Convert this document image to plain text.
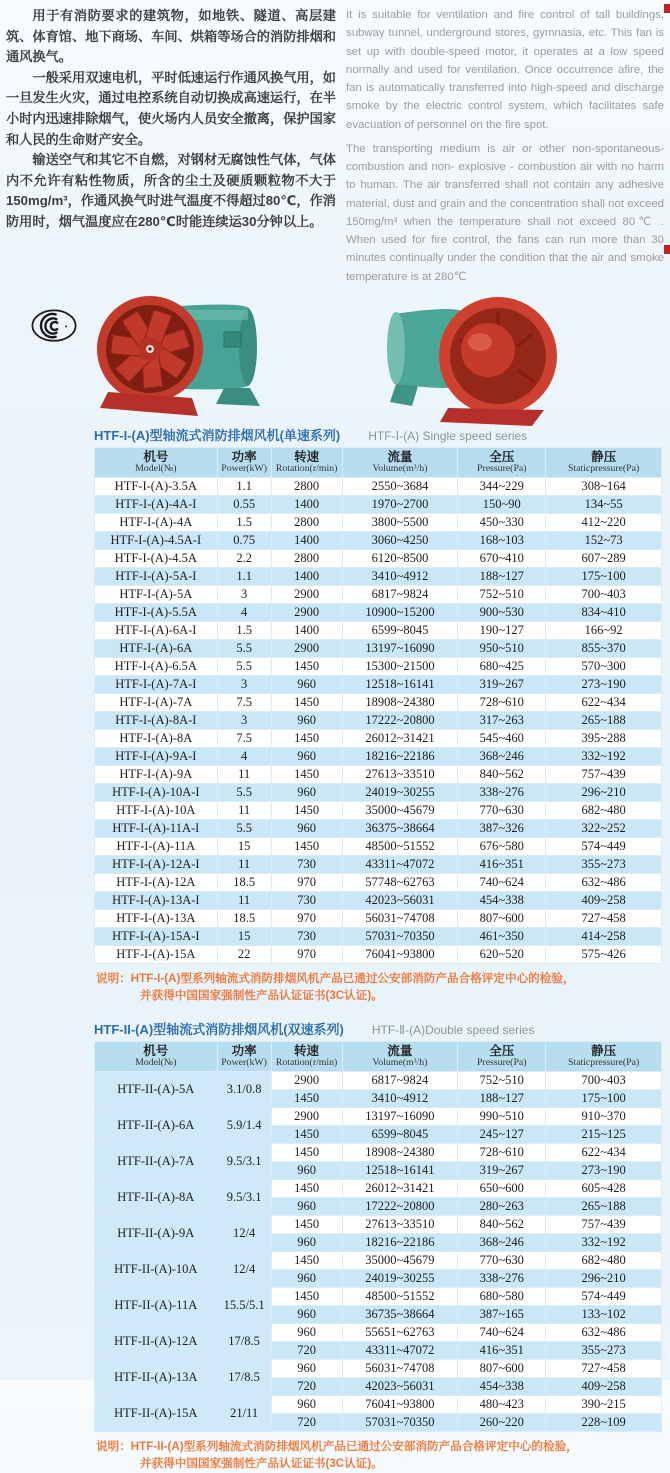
用于有消防要求的建筑物，如地铁、隧道、高层建筑、体育馆、地下商场、车间、烘箱等场合的消防排烟和通风换气。

一般采用双速电机，平时低速运行作通风换气用，如一旦发生火灾，通过电控系统自动切换成高速运行，在半小时内迅速排除烟气，使火场内人员安全撤离，保护国家和人民的生命财产安全。

输送空气和其它不自燃，对钢材无腐蚀性气体，气体内不允许有粘性物质，所含的尘土及硬质颗粒物不大于150mg/m³，作通风换气时进气温度不得超过80℃，作消防用时，烟气温度应在280℃时能连续运30分钟以上。

It is suitable for ventilation and fire control of tall buildings, subway tunnel, underground stores, gymnasia, etc. This fan is set up with double-speed motor, it operates at a low speed normally and used for ventilation. Once occurrence afire, the fan is automatically transferred into high-speed and discharge smoke by the electric control system, which facilitates safe evacuation of personnel on the fire spot.

The transporting medium is air or other non-spontaneous-combustion and non- explosive - combustion air with no harm to human. The air transferred shall not contain any adhesive material, dust and grain and the concentration shall not exceed 150mg/m³ when the temperature shall not exceed 80℃ . When used for fire control, the fans can run more than 30 minutes continually under the condition that the air and smoke temperature is at 280℃

HTF-I-(A)型轴流式消防排烟风机(单速系列) HTF-Ⅰ-(A) Single speed series
机号
Model(№)

功率
Power(kW)

转速
Rotation(r/min)

流量
Volume(m³/h)

全压
Pressure(Pa)

静压
Staticpressure(Pa)

HTF-I-(A)-3.5A	1.1	2800	2550~3684	344~229	308~164
HTF-I-(A)-4A-I	0.55	1400	1970~2700	150~90	134~55
HTF-I-(A)-4A	1.5	2800	3800~5500	450~330	412~220
HTF-I-(A)-4.5A-I	0.75	1400	3060~4250	168~103	152~73
HTF-I-(A)-4.5A	2.2	2800	6120~8500	670~410	607~289
HTF-I-(A)-5A-I	1.1	1400	3410~4912	188~127	175~100
HTF-I-(A)-5A	3	2900	6817~9824	752~510	700~403
HTF-I-(A)-5.5A	4	2900	10900~15200	900~530	834~410
HTF-I-(A)-6A-I	1.5	1400	6599~8045	190~127	166~92
HTF-I-(A)-6A	5.5	2900	13197~16090	950~510	855~370
HTF-I-(A)-6.5A	5.5	1450	15300~21500	680~425	570~300
HTF-I-(A)-7A-I	3	960	12518~16141	319~267	273~190
HTF-I-(A)-7A	7.5	1450	18908~24380	728~610	622~434
HTF-I-(A)-8A-I	3	960	17222~20800	317~263	265~188
HTF-I-(A)-8A	7.5	1450	26012~31421	545~460	395~288
HTF-I-(A)-9A-I	4	960	18216~22186	368~246	332~192
HTF-I-(A)-9A	11	1450	27613~33510	840~562	757~439
HTF-I-(A)-10A-I	5.5	960	24019~30255	338~276	296~210
HTF-I-(A)-10A	11	1450	35000~45679	770~630	682~480
HTF-I-(A)-11A-I	5.5	960	36375~38664	387~326	322~252
HTF-I-(A)-11A	15	1450	48500~51552	676~580	574~449
HTF-I-(A)-12A-I	11	730	43311~47072	416~351	355~273
HTF-I-(A)-12A	18.5	970	57748~62763	740~624	632~486
HTF-I-(A)-13A-I	11	730	42023~56031	454~338	409~258
HTF-I-(A)-13A	18.5	970	56031~74708	807~600	727~458
HTF-I-(A)-15A-I	15	730	57031~70350	461~350	414~258
HTF-I-(A)-15A	22	970	76041~93800	620~520	575~426
说明：HTF-I-(A)型系列轴流式消防排烟风机产品已通过公安部消防产品合格评定中心的检验，
并获得中国国家强制性产品认证证书(3C认证)。
HTF-II-(A)型轴流式消防排烟风机(双速系列) HTF-Ⅱ-(A)Double speed series
机号
Model(№)

功率
Power(kW)

转速
Rotation(r/min)

流量
Volume(m³/h)

全压
Pressure(Pa)

静压
Staticpressure(Pa)

HTF-II-(A)-5A	3.1/0.8	2900	6817~9824	752~510	700~403
		1450	3410~4912	188~127	175~100
HTF-II-(A)-6A	5.9/1.4	2900	13197~16090	990~510	910~370
		1450	6599~8045	245~127	215~125
HTF-II-(A)-7A	9.5/3.1	1450	18908~24380	728~610	622~434
		960	12518~16141	319~267	273~190
HTF-II-(A)-8A	9.5/3.1	1450	26012~31421	650~600	605~428
		960	17222~20800	280~263	265~188
HTF-II-(A)-9A	12/4	1450	27613~33510	840~562	757~439
		960	18216~22186	368~246	332~192
HTF-II-(A)-10A	12/4	1450	35000~45679	770~630	682~480
		960	24019~30255	338~276	296~210
HTF-II-(A)-11A	15.5/5.1	1450	48500~51552	680~580	574~449
		960	36735~38664	387~165	133~102
HTF-II-(A)-12A	17/8.5	960	55651~62763	740~624	632~486
		720	43311~47072	416~351	355~273
HTF-II-(A)-13A	17/8.5	960	56031~74708	807~600	727~458
		720	42023~56031	454~338	409~258
HTF-II-(A)-15A	21/11	960	76041~93800	480~423	390~215
		720	57031~70350	260~220	228~109
说明：HTF-II-(A)型系列轴流式消防排烟风机产品已通过公安部消防产品合格评定中心的检验，
并获得中国国家强制性产品认证证书(3C认证)。
